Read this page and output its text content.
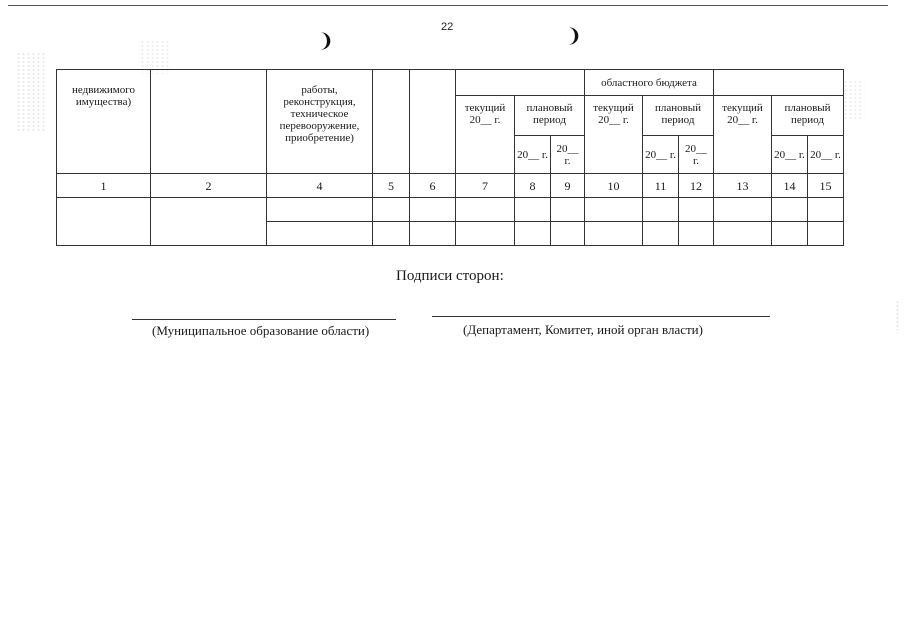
22
❩	❩
недвижимого имущества)		работы, реконструкция, техническое перевооружение, приобретение)						областного бюджета					
					текущий 20__ г.	плановый период		текущий 20__ г.	плановый период		текущий 20__ г.	плановый период	
						20__ г.	20__ г.		20__ г.	20__ г.		20__ г.	20__ г.
1	2	4	5	6	7	8	9	10	11	12	13	14	15

Подписи сторон:
(Муниципальное образование области)	(Департамент, Комитет, иной орган власти)
